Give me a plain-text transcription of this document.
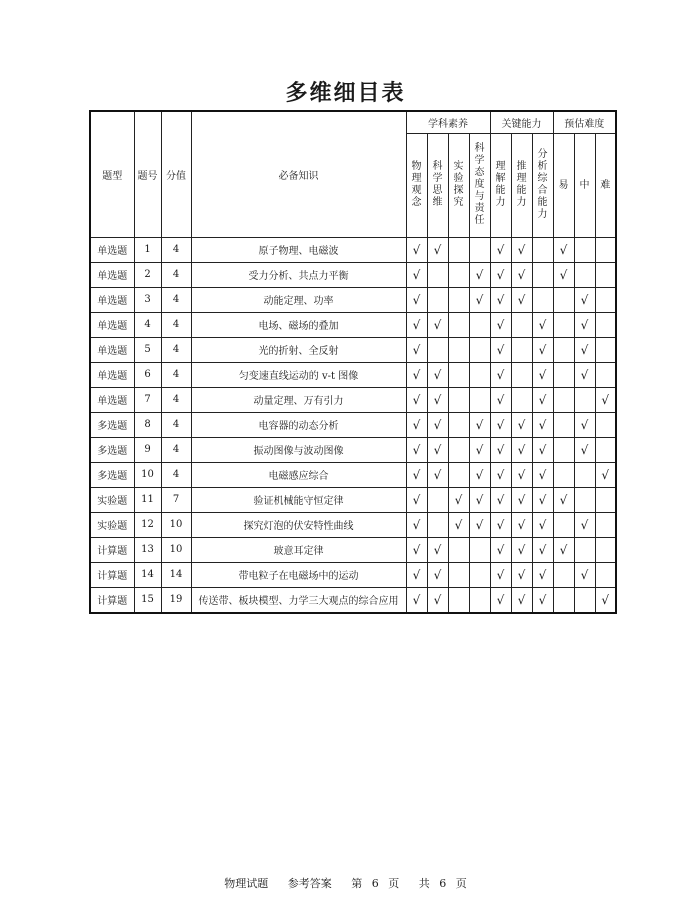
多维细目表
题型	题号	分值	必备知识	学科素养				关键能力			预估难度		
				物理观念	科学思维	实验探究	科学态度与责任	理解能力	推理能力	分析综合能力	易	中	难
单选题	1	4	原子物理、电磁波	√	√			√	√		√		
单选题	2	4	受力分析、共点力平衡	√			√	√	√		√		
单选题	3	4	动能定理、功率	√			√	√	√			√	
单选题	4	4	电场、磁场的叠加	√	√			√		√		√	
单选题	5	4	光的折射、全反射	√				√		√		√	
单选题	6	4	匀变速直线运动的 v-t 图像	√	√			√		√		√	
单选题	7	4	动量定理、万有引力	√	√			√		√			√
多选题	8	4	电容器的动态分析	√	√		√	√	√	√		√	
多选题	9	4	振动图像与波动图像	√	√		√	√	√	√		√	
多选题	10	4	电磁感应综合	√	√		√	√	√	√			√
实验题	11	7	验证机械能守恒定律	√		√	√	√	√	√	√		
实验题	12	10	探究灯泡的伏安特性曲线	√		√	√	√	√	√		√	
计算题	13	10	玻意耳定律	√	√			√	√	√	√		
计算题	14	14	带电粒子在电磁场中的运动	√	√			√	√	√		√	
计算题	15	19	传送带、板块模型、力学三大观点的综合应用	√	√			√	√	√			√
物理试题 参考答案 第 6 页 共 6 页
